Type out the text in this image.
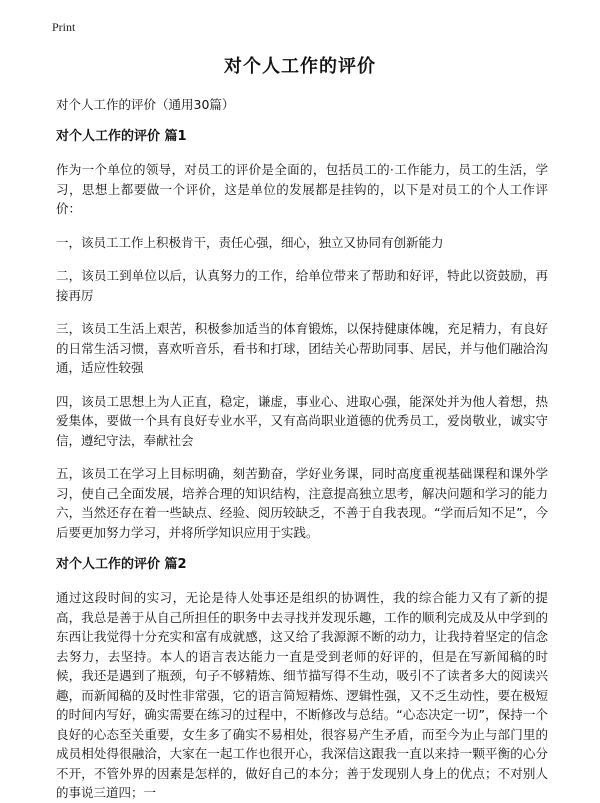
Print
对个人工作的评价
对个人工作的评价（通用30篇）
对个人工作的评价 篇1
作为一个单位的领导，对员工的评价是全面的，包括员工的·工作能力，员工的生活，学习，思想上都要做一个评价，这是单位的发展都是挂钩的，以下是对员工的个人工作评价：
一，该员工工作上积极肯干，责任心强，细心，独立又协同有创新能力
二，该员工到单位以后，认真努力的工作，给单位带来了帮助和好评，特此以资鼓励，再接再厉
三，该员工生活上艰苦，积极参加适当的体育锻炼，以保持健康体魄，充足精力，有良好的日常生活习惯，喜欢听音乐，看书和打球，团结关心帮助同事、居民，并与他们融洽沟通，适应性较强
四，该员工思想上为人正直，稳定，谦虚，事业心、进取心强，能深处并为他人着想，热爱集体，要做一个具有良好专业水平，又有高尚职业道德的优秀员工，爱岗敬业，诚实守信，遵纪守法，奉献社会
五，该员工在学习上目标明确，刻苦勤奋，学好业务课，同时高度重视基础课程和课外学习，使自己全面发展，培养合理的知识结构，注意提高独立思考，解决问题和学习的能力 六，当然还存在着一些缺点、经验、阅历较缺乏，不善于自我表现。“学而后知不足”，今后要更加努力学习，并将所学知识应用于实践。
对个人工作的评价 篇2
通过这段时间的实习，无论是待人处事还是组织的协调性，我的综合能力又有了新的提高，我总是善于从自己所担任的职务中去寻找并发现乐趣，工作的顺利完成及从中学到的东西让我觉得十分充实和富有成就感，这又给了我源源不断的动力，让我持着坚定的信念去努力，去坚持。本人的语言表达能力一直是受到老师的好评的，但是在写新闻稿的时候，我还是遇到了瓶颈，句子不够精炼、细节描写得不生动，吸引不了读者多大的阅读兴趣，而新闻稿的及时性非常强，它的语言简短精炼、逻辑性强，又不乏生动性，要在极短的时间内写好，确实需要在练习的过程中，不断修改与总结。“心态决定一切”，保持一个良好的心态至关重要，女生多了确实不易相处，很容易产生矛盾，而至今为止与部门里的成员相处得很融洽，大家在一起工作也很开心，我深信这跟我一直以来持一颗平衡的心分不开，不管外界的因素是怎样的，做好自己的本分；善于发现别人身上的优点；不对别人的事说三道四；一
